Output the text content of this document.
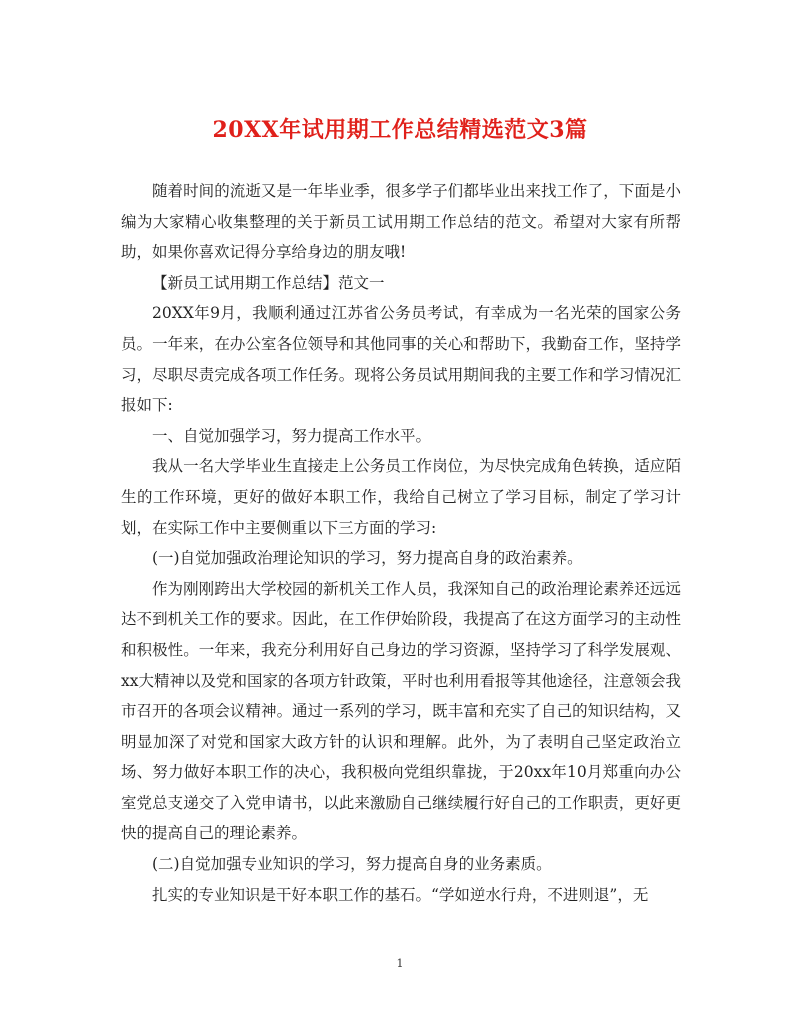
20XX年试用期工作总结精选范文3篇

随着时间的流逝又是一年毕业季，很多学子们都毕业出来找工作了，下面是小编为大家精心收集整理的关于新员工试用期工作总结的范文。希望对大家有所帮助，如果你喜欢记得分享给身边的朋友哦!

【新员工试用期工作总结】范文一

20XX年9月，我顺利通过江苏省公务员考试，有幸成为一名光荣的国家公务员。一年来，在办公室各位领导和其他同事的关心和帮助下，我勤奋工作，坚持学习，尽职尽责完成各项工作任务。现将公务员试用期间我的主要工作和学习情况汇报如下:

一、自觉加强学习，努力提高工作水平。

我从一名大学毕业生直接走上公务员工作岗位，为尽快完成角色转换，适应陌生的工作环境，更好的做好本职工作，我给自己树立了学习目标，制定了学习计划，在实际工作中主要侧重以下三方面的学习:

(一)自觉加强政治理论知识的学习，努力提高自身的政治素养。

作为刚刚跨出大学校园的新机关工作人员，我深知自己的政治理论素养还远远达不到机关工作的要求。因此，在工作伊始阶段，我提高了在这方面学习的主动性和积极性。一年来，我充分利用好自己身边的学习资源，坚持学习了科学发展观、xx大精神以及党和国家的各项方针政策，平时也利用看报等其他途径，注意领会我市召开的各项会议精神。通过一系列的学习，既丰富和充实了自己的知识结构，又明显加深了对党和国家大政方针的认识和理解。此外，为了表明自己坚定政治立场、努力做好本职工作的决心，我积极向党组织靠拢，于20xx年10月郑重向办公室党总支递交了入党申请书，以此来激励自己继续履行好自己的工作职责，更好更快的提高自己的理论素养。

(二)自觉加强专业知识的学习，努力提高自身的业务素质。

扎实的专业知识是干好本职工作的基石。“学如逆水行舟，不进则退”，无

1
